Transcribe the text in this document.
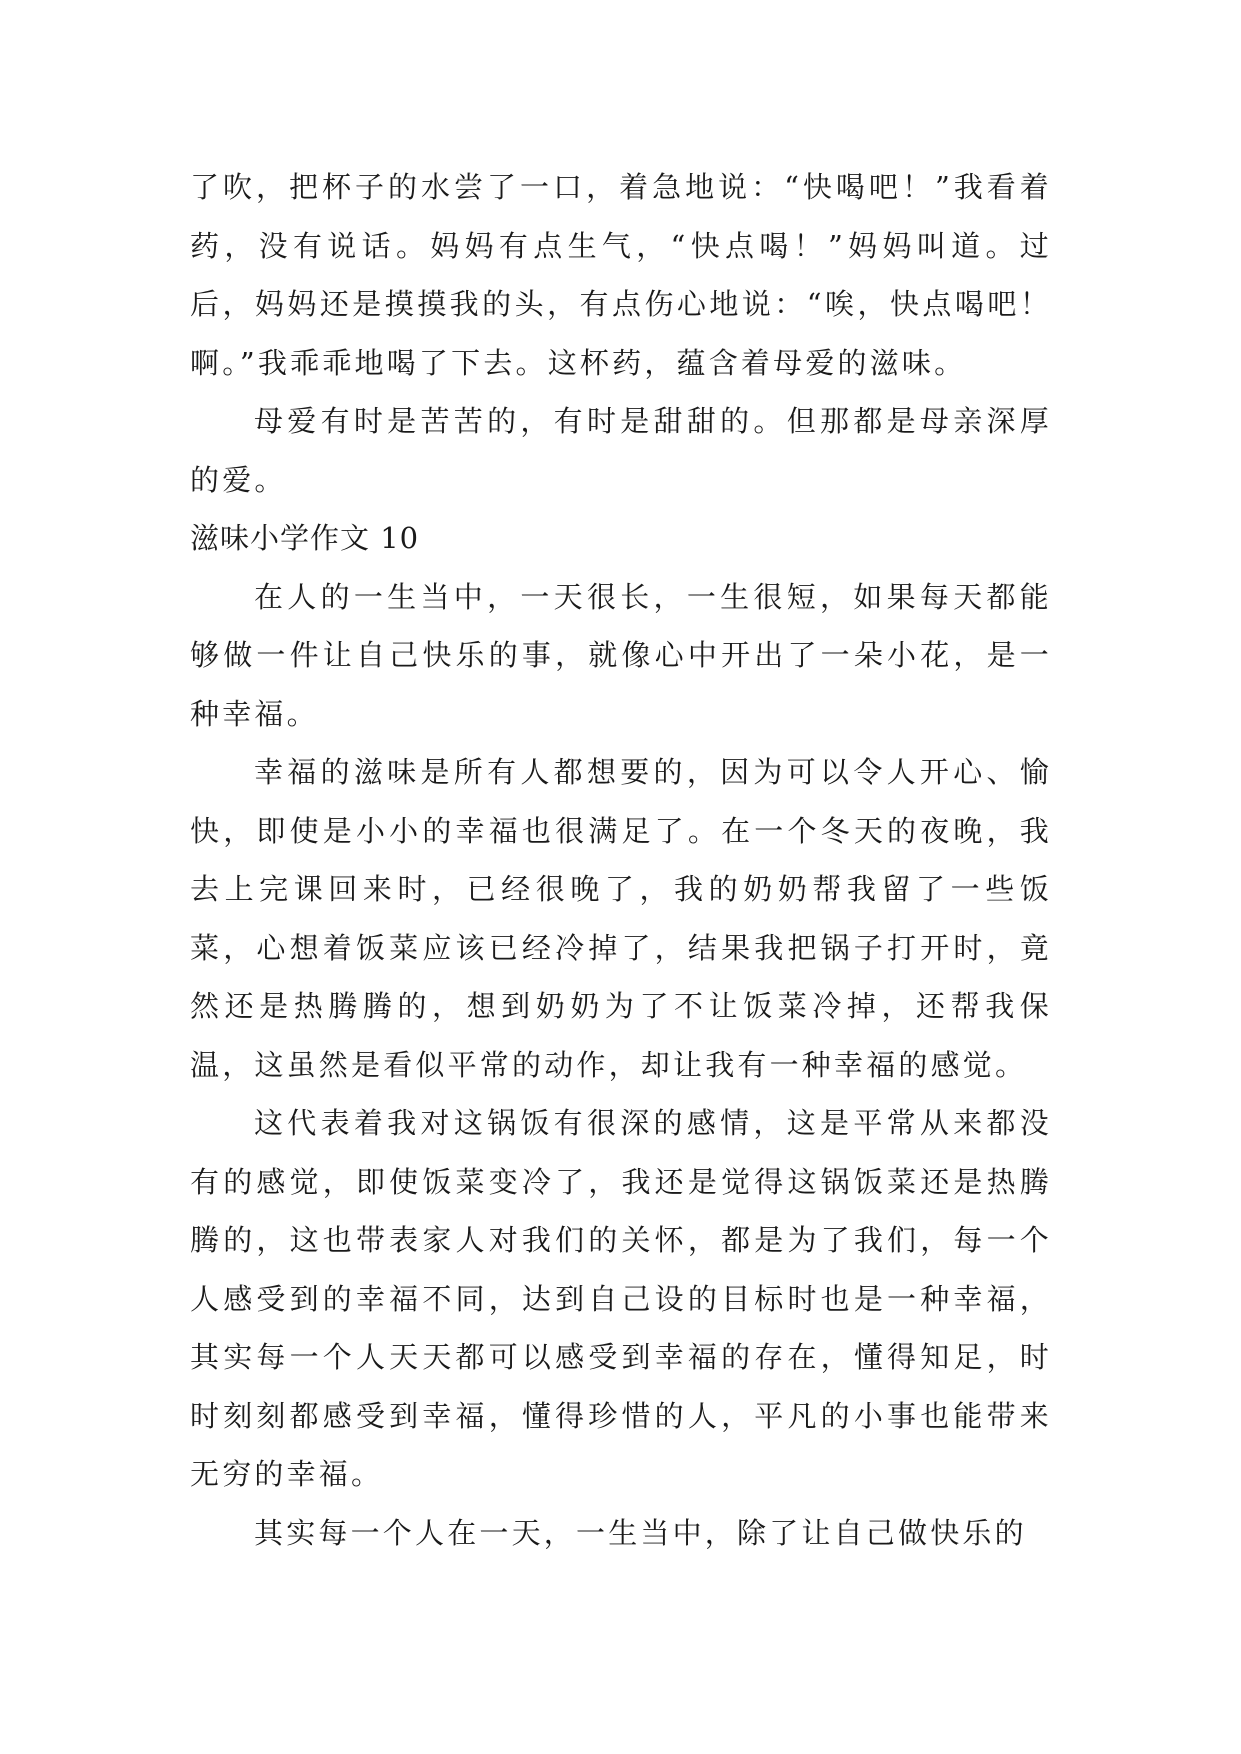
了吹，把杯子的水尝了一口，着急地说：“快喝吧！”我看着药，没有说话。妈妈有点生气，“快点喝！”妈妈叫道。过后，妈妈还是摸摸我的头，有点伤心地说：“唉，快点喝吧！啊。”我乖乖地喝了下去。这杯药，蕴含着母爱的滋味。

母爱有时是苦苦的，有时是甜甜的。但那都是母亲深厚的爱。

滋味小学作文 10

在人的一生当中，一天很长，一生很短，如果每天都能够做一件让自己快乐的事，就像心中开出了一朵小花，是一种幸福。

幸福的滋味是所有人都想要的，因为可以令人开心、愉快，即使是小小的幸福也很满足了。在一个冬天的夜晚，我去上完课回来时，已经很晚了，我的奶奶帮我留了一些饭菜，心想着饭菜应该已经冷掉了，结果我把锅子打开时，竟然还是热腾腾的，想到奶奶为了不让饭菜冷掉，还帮我保温，这虽然是看似平常的动作，却让我有一种幸福的感觉。

这代表着我对这锅饭有很深的感情，这是平常从来都没有的感觉，即使饭菜变冷了，我还是觉得这锅饭菜还是热腾腾的，这也带表家人对我们的关怀，都是为了我们，每一个人感受到的幸福不同，达到自己设的目标时也是一种幸福，其实每一个人天天都可以感受到幸福的存在，懂得知足，时时刻刻都感受到幸福，懂得珍惜的人，平凡的小事也能带来无穷的幸福。

其实每一个人在一天，一生当中，除了让自己做快乐的
